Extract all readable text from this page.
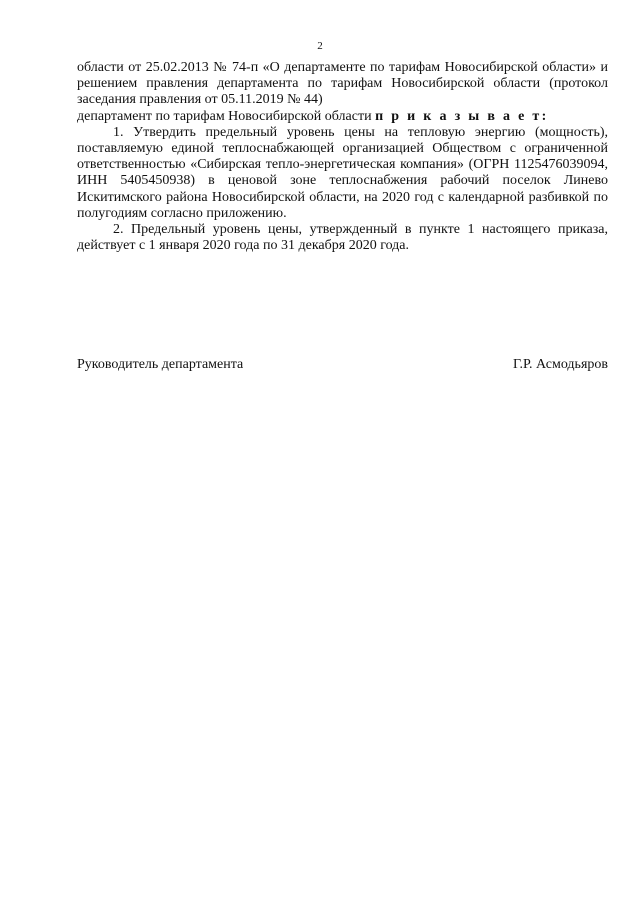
2

области от 25.02.2013 № 74-п «О департаменте по тарифам Новосибирской области» и решением правления департамента по тарифам Новосибирской области (протокол заседания правления от 05.11.2019 № 44)

департамент по тарифам Новосибирской области п р и к а з ы в а е т:

1. Утвердить предельный уровень цены на тепловую энергию (мощность), поставляемую единой теплоснабжающей организацией Обществом с ограниченной ответственностью «Сибирская тепло-энергетическая компания» (ОГРН 1125476039094, ИНН 5405450938) в ценовой зоне теплоснабжения рабочий поселок Линево Искитимского района Новосибирской области, на 2020 год с календарной разбивкой по полугодиям согласно приложению.

2. Предельный уровень цены, утвержденный в пункте 1 настоящего приказа, действует с 1 января 2020 года по 31 декабря 2020 года.

Руководитель департамента	Г.Р. Асмодьяров
